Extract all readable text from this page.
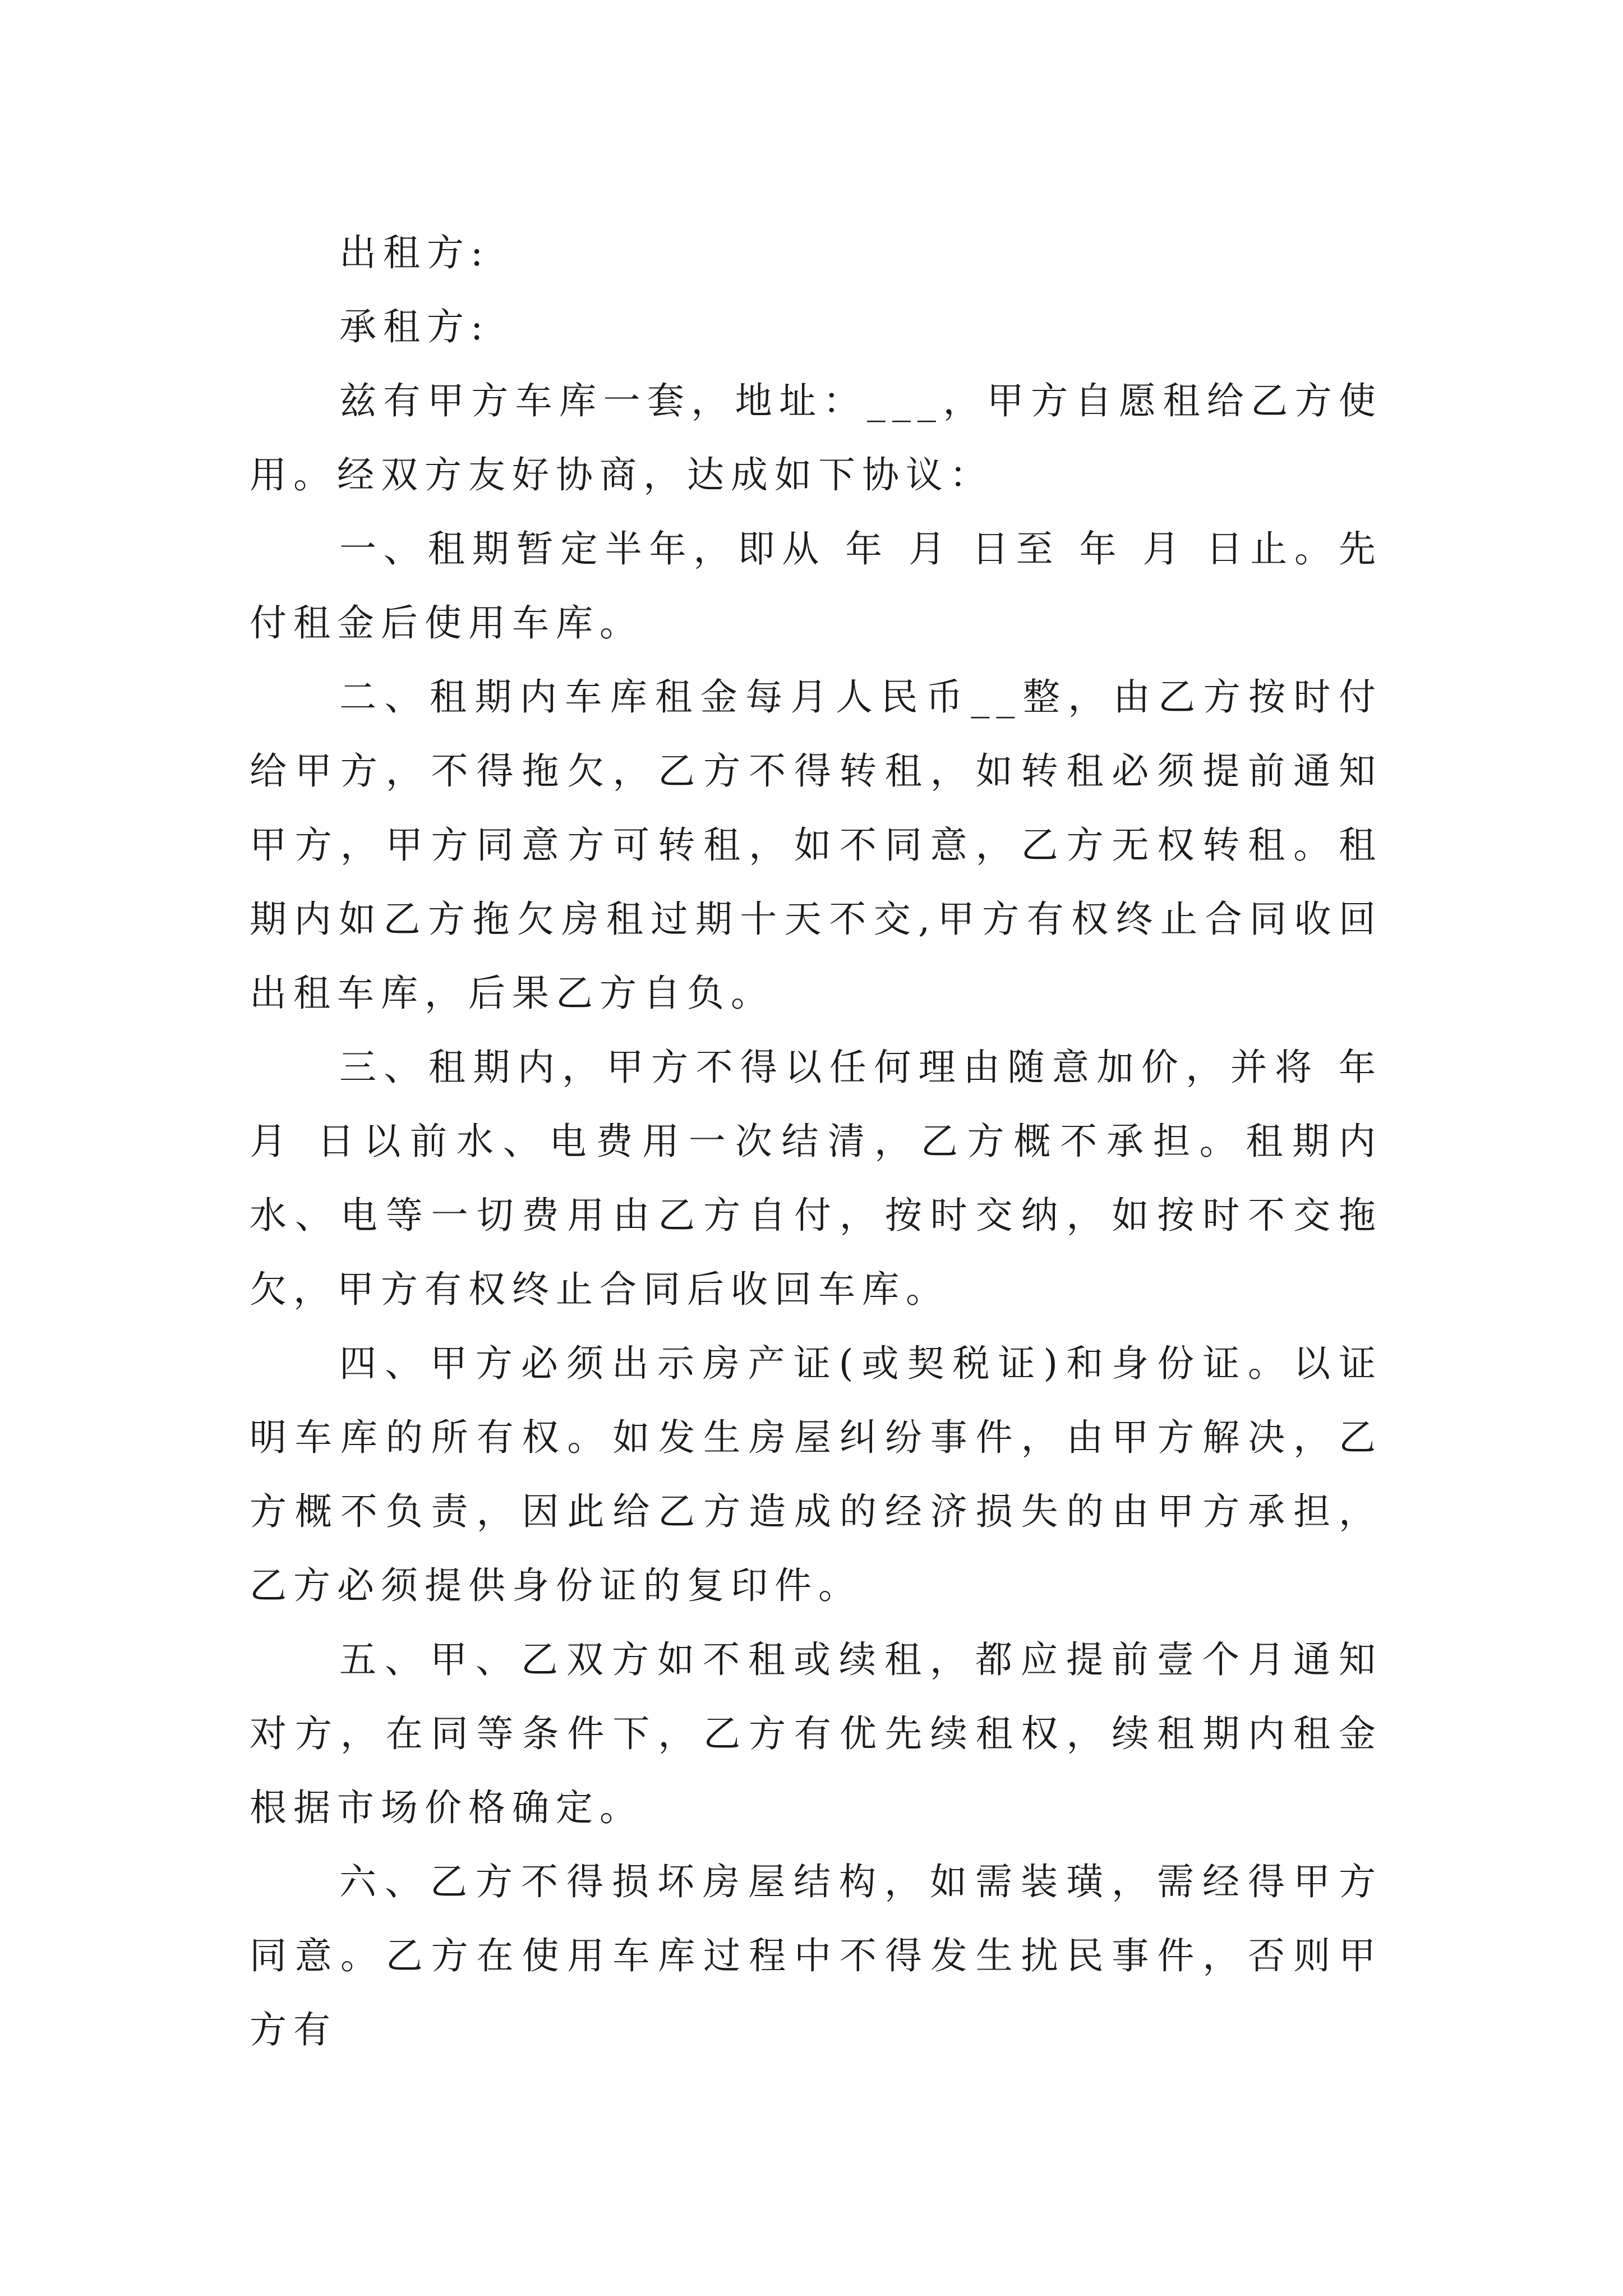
出租方:

承租方:

兹有甲方车库一套，地址：___，甲方自愿租给乙方使用。经双方友好协商，达成如下协议：

一、租期暂定半年，即从 年 月 日至 年 月 日止。先付租金后使用车库。

二、租期内车库租金每月人民币__整，由乙方按时付给甲方，不得拖欠，乙方不得转租，如转租必须提前通知甲方，甲方同意方可转租，如不同意，乙方无权转租。租期内如乙方拖欠房租过期十天不交,甲方有权终止合同收回出租车库，后果乙方自负。

三、租期内，甲方不得以任何理由随意加价，并将 年 月 日以前水、电费用一次结清，乙方概不承担。租期内水、电等一切费用由乙方自付，按时交纳，如按时不交拖欠，甲方有权终止合同后收回车库。

四、甲方必须出示房产证(或契税证)和身份证。以证明车库的所有权。如发生房屋纠纷事件，由甲方解决，乙方概不负责，因此给乙方造成的经济损失的由甲方承担，乙方必须提供身份证的复印件。

五、甲、乙双方如不租或续租，都应提前壹个月通知对方，在同等条件下，乙方有优先续租权，续租期内租金根据市场价格确定。

六、乙方不得损坏房屋结构，如需装璜，需经得甲方同意。乙方在使用车库过程中不得发生扰民事件，否则甲方有
